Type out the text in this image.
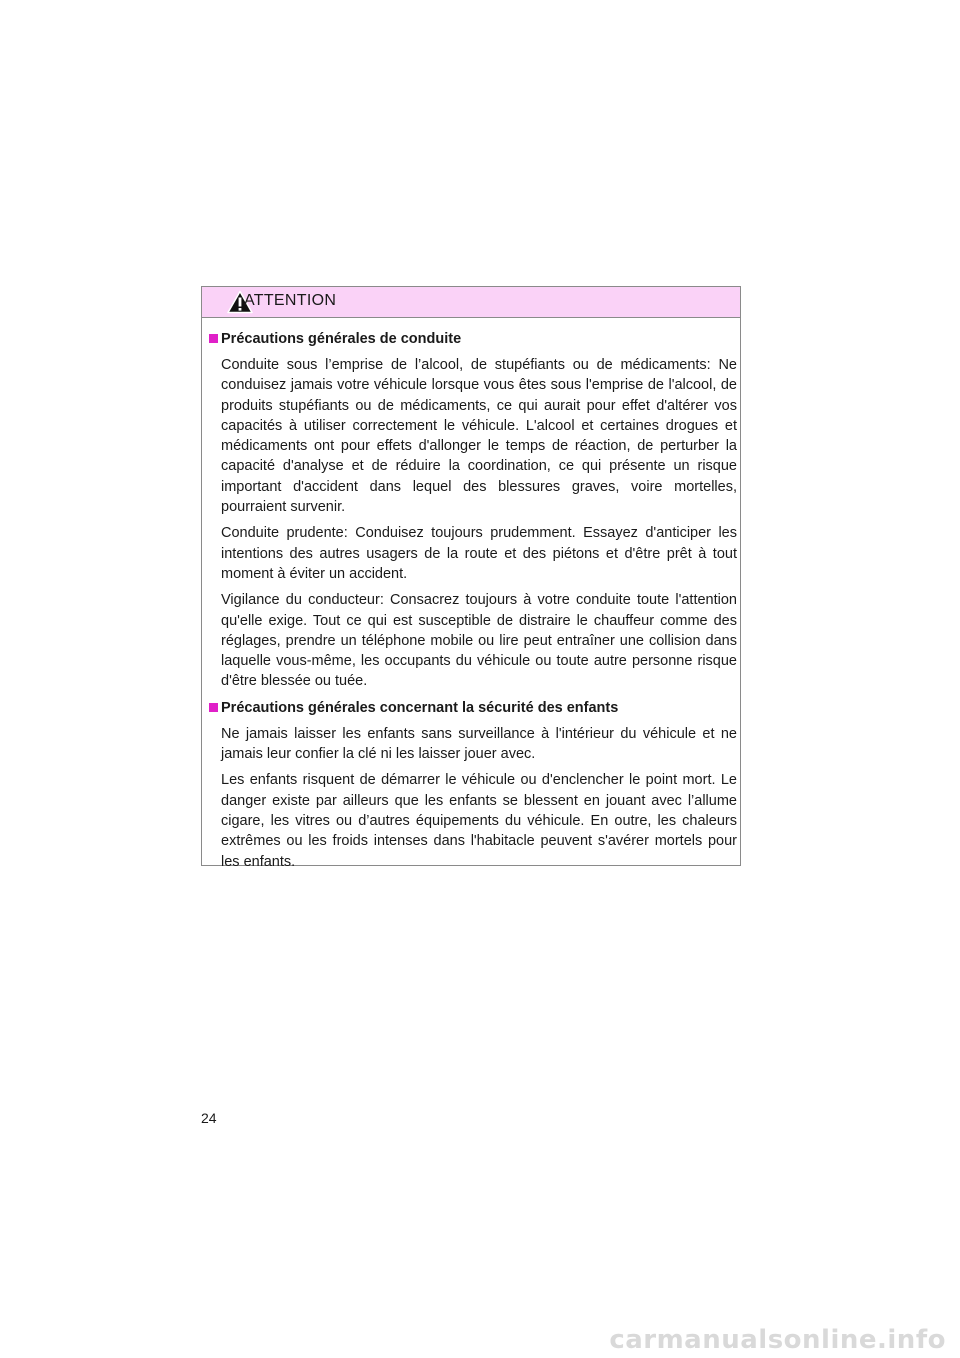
ATTENTION
Précautions générales de conduite

Conduite sous l’emprise de l’alcool, de stupéfiants ou de médicaments: Ne conduisez jamais votre véhicule lorsque vous êtes sous l'emprise de l'alcool, de produits stupéfiants ou de médicaments, ce qui aurait pour effet d'altérer vos capacités à utiliser correctement le véhicule. L'alcool et certaines drogues et médicaments ont pour effets d'allonger le temps de réaction, de perturber la capacité d'analyse et de réduire la coordination, ce qui présente un risque important d'accident dans lequel des blessures graves, voire mortelles, pourraient survenir.

Conduite prudente: Conduisez toujours prudemment. Essayez d'anticiper les intentions des autres usagers de la route et des piétons et d'être prêt à tout moment à éviter un accident.

Vigilance du conducteur: Consacrez toujours à votre conduite toute l'attention qu'elle exige. Tout ce qui est susceptible de distraire le chauffeur comme des réglages, prendre un téléphone mobile ou lire peut entraîner une collision dans laquelle vous-même, les occupants du véhicule ou toute autre personne risque d'être blessée ou tuée.

Précautions générales concernant la sécurité des enfants

Ne jamais laisser les enfants sans surveillance à l'intérieur du véhicule et ne jamais leur confier la clé ni les laisser jouer avec.

Les enfants risquent de démarrer le véhicule ou d'enclencher le point mort. Le danger existe par ailleurs que les enfants se blessent en jouant avec l’allume cigare, les vitres ou d’autres équipements du véhicule. En outre, les chaleurs extrêmes ou les froids intenses dans l'habitacle peuvent s'avérer mortels pour les enfants.

24
carmanualsonline.info
